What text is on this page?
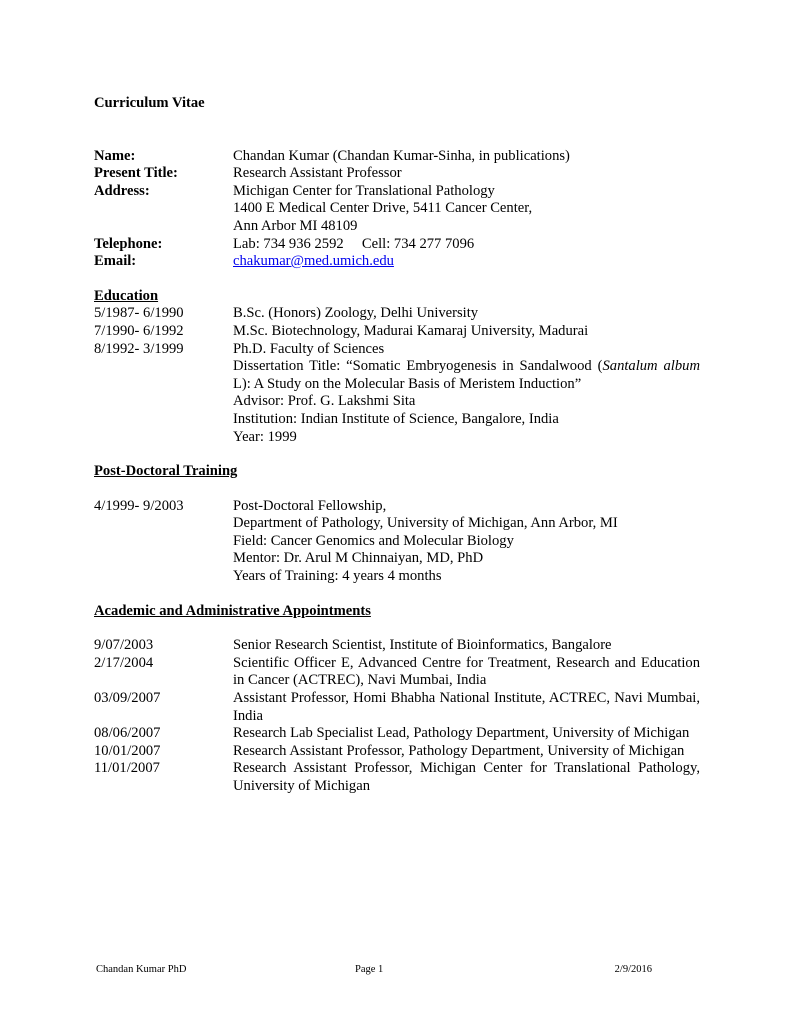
Curriculum Vitae

Name:	Chandan Kumar (Chandan Kumar-Sinha, in publications)
Present Title:	Research Assistant Professor
Address:	Michigan Center for Translational Pathology
1400 E Medical Center Drive, 5411 Cancer Center,
Ann Arbor MI 48109
Telephone:	Lab: 734 936 2592     Cell: 734 277 7096
Email:	chakumar@med.umich.edu
Education
5/1987- 6/1990	B.Sc. (Honors) Zoology, Delhi University
7/1990- 6/1992	M.Sc. Biotechnology, Madurai Kamaraj University, Madurai
8/1992- 3/1999	Ph.D. Faculty of Sciences
Dissertation Title: “Somatic Embryogenesis in Sandalwood (Santalum album L): A Study on the Molecular Basis of Meristem Induction”
Advisor: Prof. G. Lakshmi Sita
Institution: Indian Institute of Science, Bangalore, India
Year: 1999
Post-Doctoral Training
4/1999- 9/2003	Post-Doctoral Fellowship,
Department of Pathology, University of Michigan, Ann Arbor, MI
Field: Cancer Genomics and Molecular Biology
Mentor: Dr. Arul M Chinnaiyan, MD, PhD
Years of Training: 4 years 4 months
Academic and Administrative Appointments
9/07/2003	Senior Research Scientist, Institute of Bioinformatics, Bangalore
2/17/2004	Scientific Officer E, Advanced Centre for Treatment, Research and Education in Cancer (ACTREC), Navi Mumbai, India
03/09/2007	Assistant Professor, Homi Bhabha National Institute, ACTREC, Navi Mumbai, India
08/06/2007	Research Lab Specialist Lead, Pathology Department, University of Michigan
10/01/2007	Research Assistant Professor, Pathology Department, University of Michigan
11/01/2007	Research Assistant Professor, Michigan Center for Translational Pathology, University of Michigan
Chandan Kumar PhD	Page 1	2/9/2016
